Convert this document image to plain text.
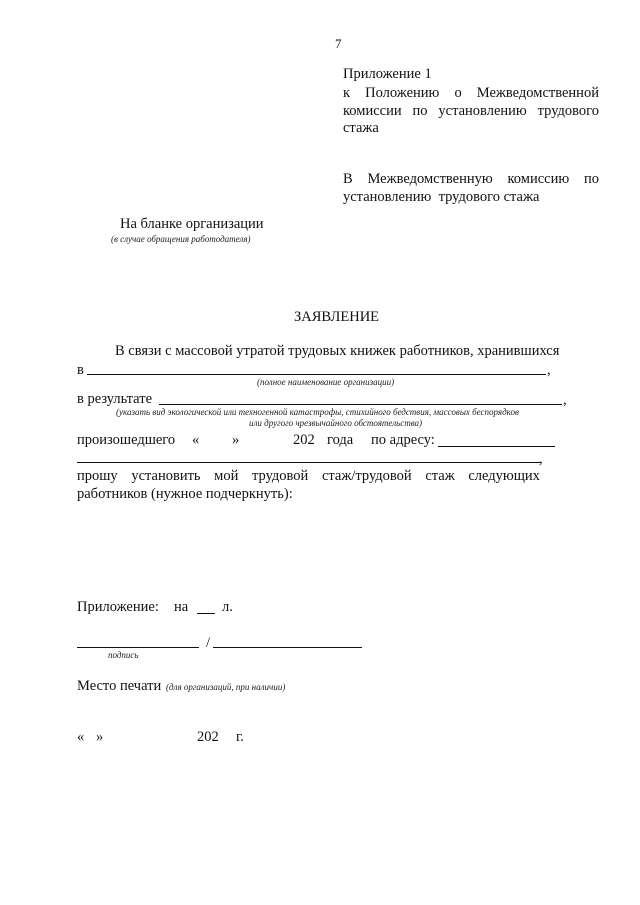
7
Приложение 1
к Положению о Межведомственной
комиссии по установлению трудового
стажа
В Межведомственную комиссию по
установлению  трудового стажа
На бланке организации
(в случае обращения работодателя)
ЗАЯВЛЕНИЕ
В связи с массовой утратой трудовых книжек работников, хранившихся
в	,
(полное наименование организации)
в результате	,
(указать вид экологической или техногенной катастрофы, стихийного бедствия, массовых беспорядков
или другого чрезвычайного обстоятельства)
произошедшего « »	202 года по адресу:
,
прошу установить мой трудовой стаж/трудовой стаж следующих
работников (нужное подчеркнуть):
Приложение: на л.
/
подпись
Место печати (для организаций, при наличии)
« »	202 г.
